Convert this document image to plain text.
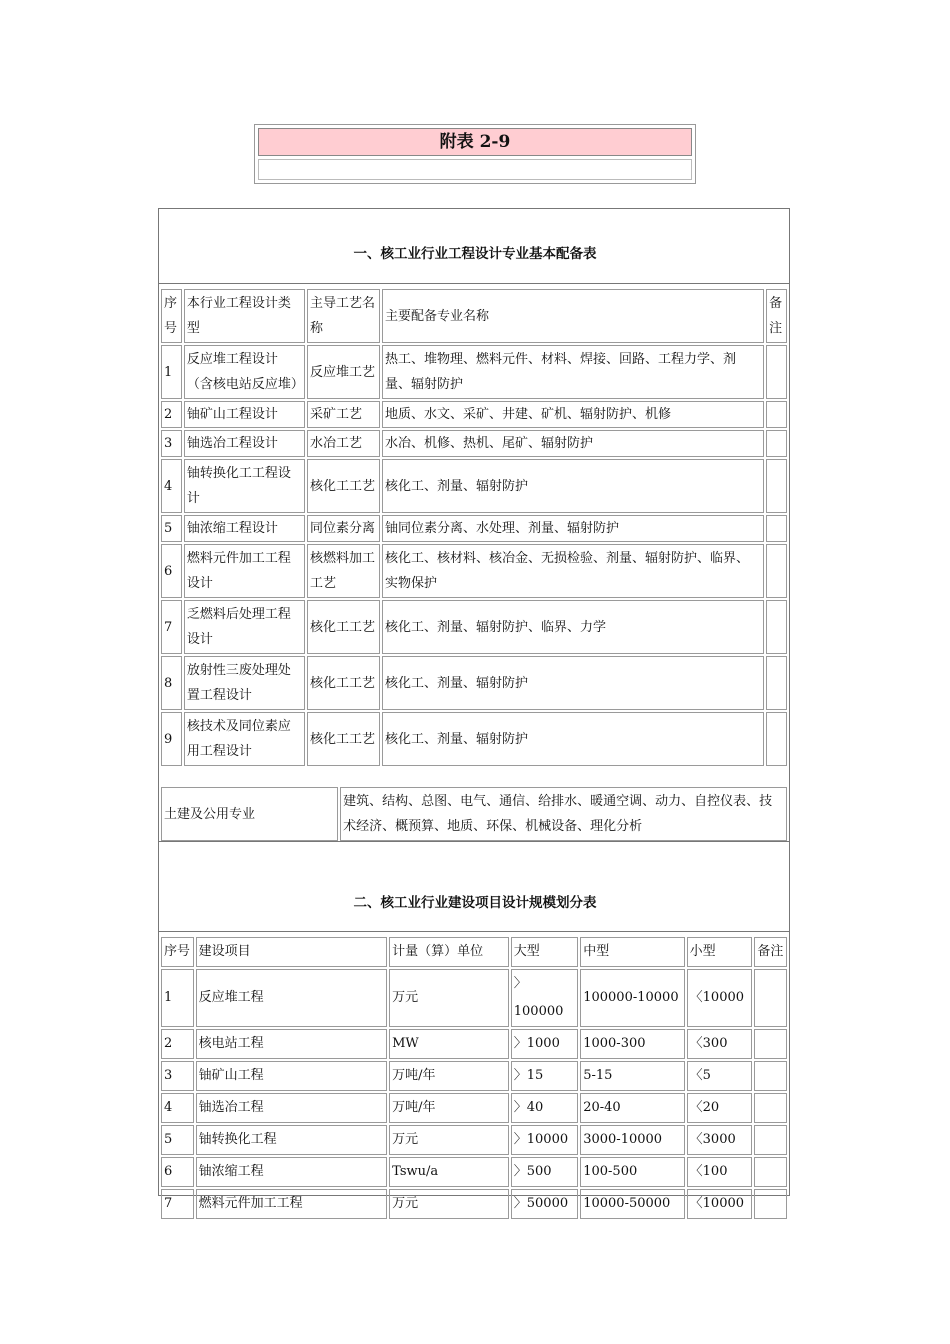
附表 2-9
一、核工业行业工程设计专业基本配备表
序号	本行业工程设计类型	主导工艺名称	主要配备专业名称	备注
1	反应堆工程设计（含核电站反应堆）	反应堆工艺	热工、堆物理、燃料元件、材料、焊接、回路、工程力学、剂量、辐射防护	
2	铀矿山工程设计	采矿工艺	地质、水文、采矿、井建、矿机、辐射防护、机修	
3	铀选冶工程设计	水冶工艺	水冶、机修、热机、尾矿、辐射防护	
4	铀转换化工工程设计	核化工工艺	核化工、剂量、辐射防护	
5	铀浓缩工程设计	同位素分离	铀同位素分离、水处理、剂量、辐射防护	
6	燃料元件加工工程设计	核燃料加工工艺	核化工、核材料、核冶金、无损检验、剂量、辐射防护、临界、实物保护	
7	乏燃料后处理工程设计	核化工工艺	核化工、剂量、辐射防护、临界、力学	
8	放射性三废处理处置工程设计	核化工工艺	核化工、剂量、辐射防护	
9	核技术及同位素应用工程设计	核化工工艺	核化工、剂量、辐射防护	
土建及公用专业	建筑、结构、总图、电气、通信、给排水、暖通空调、动力、自控仪表、技术经济、概预算、地质、环保、机械设备、理化分析
二、核工业行业建设项目设计规模划分表
序号	建设项目	计量（算）单位	大型	中型	小型	备注
1	反应堆工程	万元	〉100000	100000-10000	〈10000	
2	核电站工程	MW	〉1000	1000-300	〈300	
3	铀矿山工程	万吨/年	〉15	5-15	〈5	
4	铀选冶工程	万吨/年	〉40	20-40	〈20	
5	铀转换化工程	万元	〉10000	3000-10000	〈3000	
6	铀浓缩工程	Tswu/a	〉500	100-500	〈100	
7	燃料元件加工工程	万元	〉50000	10000-50000	〈10000	
